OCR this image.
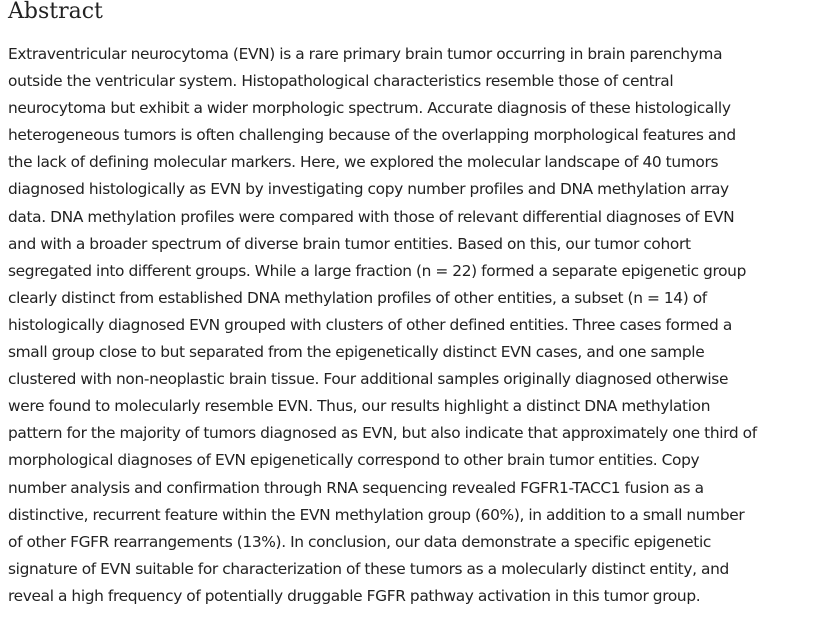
Abstract

Extraventricular neurocytoma (EVN) is a rare primary brain tumor occurring in brain parenchyma
outside the ventricular system. Histopathological characteristics resemble those of central
neurocytoma but exhibit a wider morphologic spectrum. Accurate diagnosis of these histologically
heterogeneous tumors is often challenging because of the overlapping morphological features and
the lack of defining molecular markers. Here, we explored the molecular landscape of 40 tumors
diagnosed histologically as EVN by investigating copy number profiles and DNA methylation array
data. DNA methylation profiles were compared with those of relevant differential diagnoses of EVN
and with a broader spectrum of diverse brain tumor entities. Based on this, our tumor cohort
segregated into different groups. While a large fraction (n = 22) formed a separate epigenetic group
clearly distinct from established DNA methylation profiles of other entities, a subset (n = 14) of
histologically diagnosed EVN grouped with clusters of other defined entities. Three cases formed a
small group close to but separated from the epigenetically distinct EVN cases, and one sample
clustered with non-neoplastic brain tissue. Four additional samples originally diagnosed otherwise
were found to molecularly resemble EVN. Thus, our results highlight a distinct DNA methylation
pattern for the majority of tumors diagnosed as EVN, but also indicate that approximately one third of
morphological diagnoses of EVN epigenetically correspond to other brain tumor entities. Copy
number analysis and confirmation through RNA sequencing revealed FGFR1-TACC1 fusion as a
distinctive, recurrent feature within the EVN methylation group (60%), in addition to a small number
of other FGFR rearrangements (13%). In conclusion, our data demonstrate a specific epigenetic
signature of EVN suitable for characterization of these tumors as a molecularly distinct entity, and
reveal a high frequency of potentially druggable FGFR pathway activation in this tumor group.
